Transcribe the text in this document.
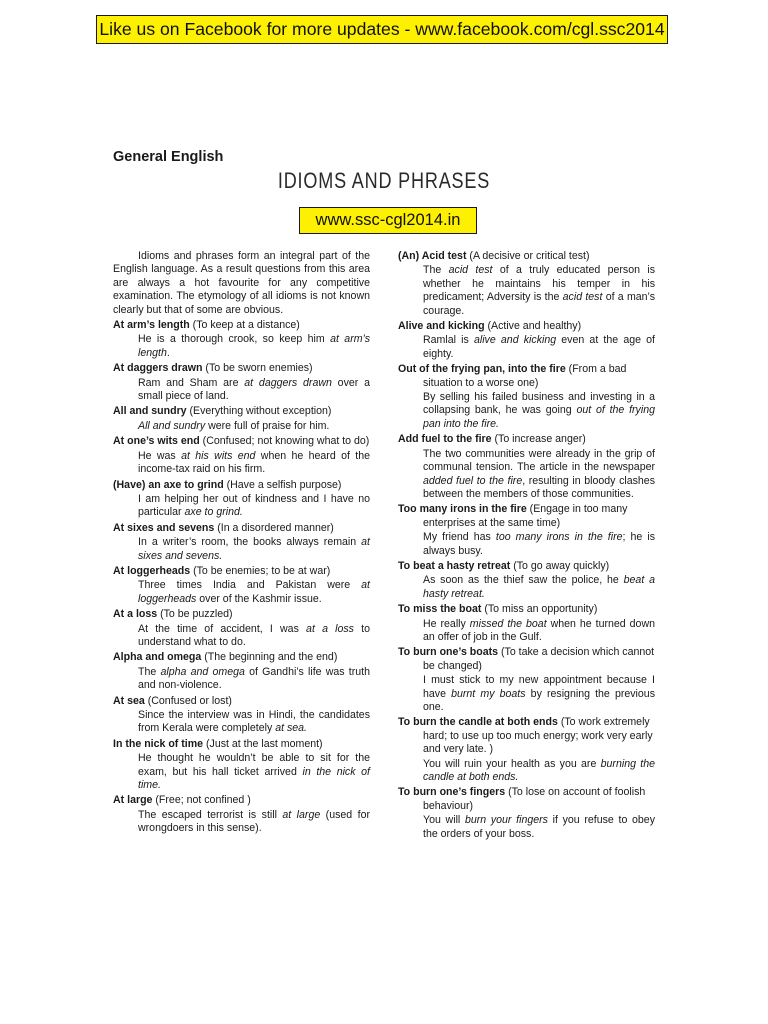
Like us on Facebook for more updates - www.facebook.com/cgl.ssc2014
General English
IDIOMS AND PHRASES
www.ssc-cgl2014.in

Idioms and phrases form an integral part of the English language. As a result questions from this area are always a hot favourite for any competitive examination. The etymology of all idioms is not known clearly but that of some are obvious.

At arm’s length (To keep at a distance)

He is a thorough crook, so keep him at arm’s length.

At daggers drawn (To be sworn enemies)

Ram and Sham are at daggers drawn over a small piece of land.

All and sundry (Everything without exception)

All and sundry were full of praise for him.

At one’s wits end (Confused; not knowing what to do)

He was at his wits end when he heard of the income-tax raid on his firm.

(Have) an axe to grind (Have a selfish purpose)

I am helping her out of kindness and I have no particular axe to grind.

At sixes and sevens (In a disordered manner)

In a writer’s room, the books always remain at sixes and sevens.

At loggerheads (To be enemies; to be at war)

Three times India and Pakistan were at loggerheads over of the Kashmir issue.

At a loss (To be puzzled)

At the time of accident, I was at a loss to understand what to do.

Alpha and omega (The beginning and the end)

The alpha and omega of Gandhi’s life was truth and non-violence.

At sea (Confused or lost)

Since the interview was in Hindi, the candidates from Kerala were completely at sea.

In the nick of time (Just at the last moment)

He thought he wouldn’t be able to sit for the exam, but his hall ticket arrived in the nick of time.

At large (Free; not confined )

The escaped terrorist is still at large (used for wrongdoers in this sense).

(An) Acid test (A decisive or critical test)

The acid test of a truly educated person is whether he maintains his temper in his predicament; Adversity is the acid test of a man’s courage.

Alive and kicking (Active and healthy)

Ramlal is alive and kicking even at the age of eighty.

Out of the frying pan, into the fire (From a bad situation to a worse one)

By selling his failed business and investing in a collapsing bank, he was going out of the frying pan into the fire.

Add fuel to the fire (To increase anger)

The two communities were already in the grip of communal tension. The article in the newspaper added fuel to the fire, resulting in bloody clashes between the members of those communities.

Too many irons in the fire (Engage in too many enterprises at the same time)

My friend has too many irons in the fire; he is always busy.

To beat a hasty retreat (To go away quickly)

As soon as the thief saw the police, he beat a hasty retreat.

To miss the boat (To miss an opportunity)

He really missed the boat when he turned down an offer of job in the Gulf.

To burn one’s boats (To take a decision which cannot be changed)

I must stick to my new appointment because I have burnt my boats by resigning the previous one.

To burn the candle at both ends (To work extremely hard; to use up too much energy; work very early and very late. )

You will ruin your health as you are burning the candle at both ends.

To burn one’s fingers (To lose on account of foolish behaviour)

You will burn your fingers if you refuse to obey the orders of your boss.
